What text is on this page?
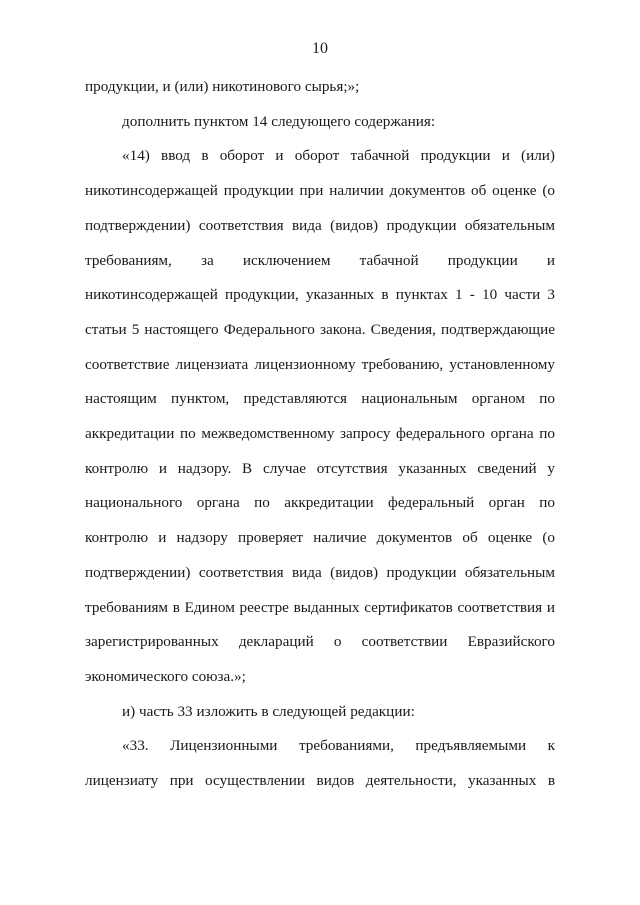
10

продукции, и (или) никотинового сырья;»;

дополнить пунктом 14 следующего содержания:

«14) ввод в оборот и оборот табачной продукции и (или) никотинсодержащей продукции при наличии документов об оценке (о подтверждении) соответствия вида (видов) продукции обязательным требованиям, за исключением табачной продукции и никотинсодержащей продукции, указанных в пунктах 1 - 10 части 3 статьи 5 настоящего Федерального закона. Сведения, подтверждающие соответствие лицензиата лицензионному требованию, установленному настоящим пунктом, представляются национальным органом по аккредитации по межведомственному запросу федерального органа по контролю и надзору. В случае отсутствия указанных сведений у национального органа по аккредитации федеральный орган по контролю и надзору проверяет наличие документов об оценке (о подтверждении) соответствия вида (видов) продукции обязательным требованиям в Едином реестре выданных сертификатов соответствия и зарегистрированных деклараций о соответствии Евразийского экономического союза.»;

и) часть 33 изложить в следующей редакции:

«33. Лицензионными требованиями, предъявляемыми к лицензиату при осуществлении видов деятельности, указанных в
